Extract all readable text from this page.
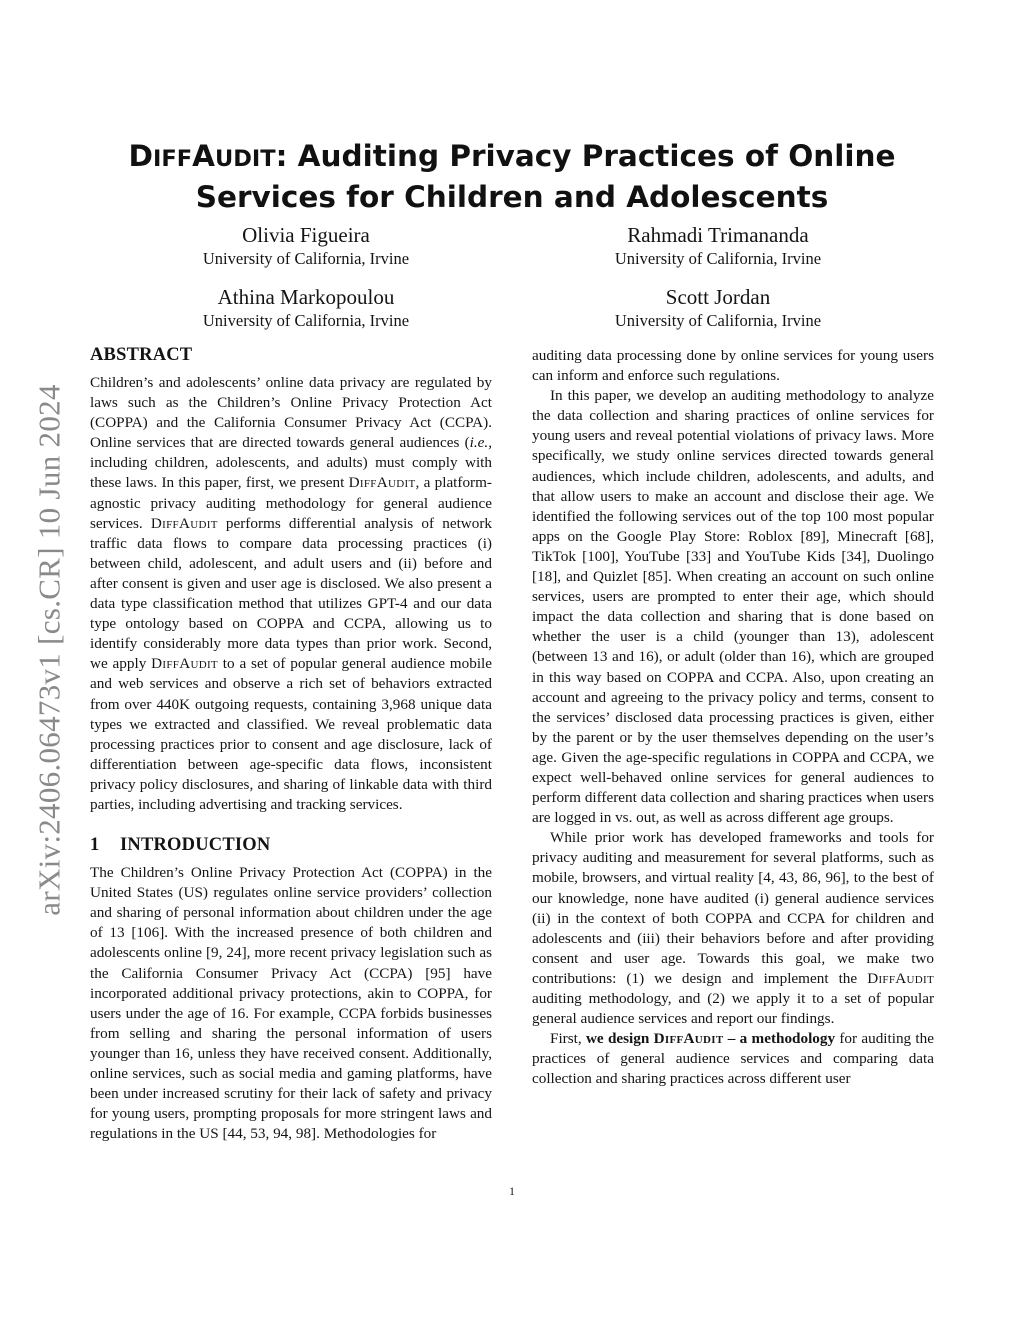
arXiv:2406.06473v1 [cs.CR] 10 Jun 2024
DIFFAUDIT: Auditing Privacy Practices of Online
Services for Children and Adolescents
Olivia Figueira
University of California, Irvine
Rahmadi Trimananda
University of California, Irvine
Athina Markopoulou
University of California, Irvine
Scott Jordan
University of California, Irvine
ABSTRACT

Children’s and adolescents’ online data privacy are regulated by laws such as the Children’s Online Privacy Protection Act (COPPA) and the California Consumer Privacy Act (CCPA). Online services that are directed towards general audiences (i.e., including children, adolescents, and adults) must comply with these laws. In this paper, first, we present DiffAudit, a platform-agnostic privacy auditing methodology for general audience services. DiffAudit performs differential analysis of network traffic data flows to compare data processing practices (i) between child, adolescent, and adult users and (ii) before and after consent is given and user age is disclosed. We also present a data type classification method that utilizes GPT-4 and our data type ontology based on COPPA and CCPA, allowing us to identify considerably more data types than prior work. Second, we apply DiffAudit to a set of popular general audience mobile and web services and observe a rich set of behaviors extracted from over 440K outgoing requests, containing 3,968 unique data types we extracted and classified. We reveal problematic data processing practices prior to consent and age disclosure, lack of differentiation between age-specific data flows, inconsistent privacy policy disclosures, and sharing of linkable data with third parties, including advertising and tracking services.

1 INTRODUCTION

The Children’s Online Privacy Protection Act (COPPA) in the United States (US) regulates online service providers’ collection and sharing of personal information about children under the age of 13 [106]. With the increased presence of both children and adolescents online [9, 24], more recent privacy legislation such as the California Consumer Privacy Act (CCPA) [95] have incorporated additional privacy protections, akin to COPPA, for users under the age of 16. For example, CCPA forbids businesses from selling and sharing the personal information of users younger than 16, unless they have received consent. Additionally, online services, such as social media and gaming platforms, have been under increased scrutiny for their lack of safety and privacy for young users, prompting proposals for more stringent laws and regulations in the US [44, 53, 94, 98]. Methodologies for

auditing data processing done by online services for young users can inform and enforce such regulations.

In this paper, we develop an auditing methodology to analyze the data collection and sharing practices of online services for young users and reveal potential violations of privacy laws. More specifically, we study online services directed towards general audiences, which include children, adolescents, and adults, and that allow users to make an account and disclose their age. We identified the following services out of the top 100 most popular apps on the Google Play Store: Roblox [89], Minecraft [68], TikTok [100], YouTube [33] and YouTube Kids [34], Duolingo [18], and Quizlet [85]. When creating an account on such online services, users are prompted to enter their age, which should impact the data collection and sharing that is done based on whether the user is a child (younger than 13), adolescent (between 13 and 16), or adult (older than 16), which are grouped in this way based on COPPA and CCPA. Also, upon creating an account and agreeing to the privacy policy and terms, consent to the services’ disclosed data processing practices is given, either by the parent or by the user themselves depending on the user’s age. Given the age-specific regulations in COPPA and CCPA, we expect well-behaved online services for general audiences to perform different data collection and sharing practices when users are logged in vs. out, as well as across different age groups.

While prior work has developed frameworks and tools for privacy auditing and measurement for several platforms, such as mobile, browsers, and virtual reality [4, 43, 86, 96], to the best of our knowledge, none have audited (i) general audience services (ii) in the context of both COPPA and CCPA for children and adolescents and (iii) their behaviors before and after providing consent and user age. Towards this goal, we make two contributions: (1) we design and implement the DiffAudit auditing methodology, and (2) we apply it to a set of popular general audience services and report our findings.

First, we design DiffAudit – a methodology for auditing the practices of general audience services and comparing data collection and sharing practices across different user

1
